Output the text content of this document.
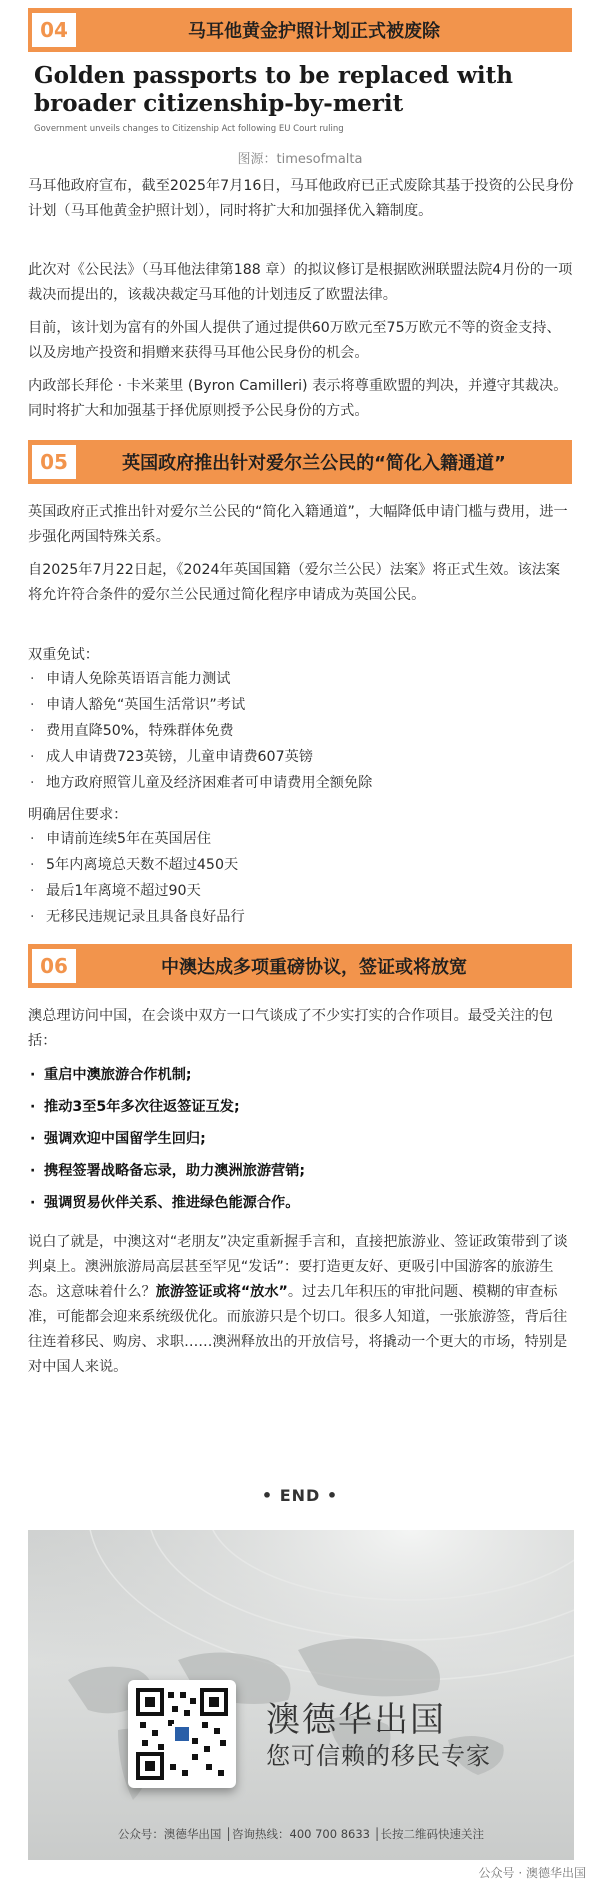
04	马耳他黄金护照计划正式被废除
Golden passports to be replaced with broader citizenship-by-merit
Government unveils changes to Citizenship Act following EU Court ruling
图源：timesofmalta

马耳他政府宣布，截至2025年7月16日，马耳他政府已正式废除其基于投资的公民身份计划（马耳他黄金护照计划），同时将扩大和加强择优入籍制度。

此次对《公民法》（马耳他法律第188 章）的拟议修订是根据欧洲联盟法院4月份的一项裁决而提出的，该裁决裁定马耳他的计划违反了欧盟法律。

目前，该计划为富有的外国人提供了通过提供60万欧元至75万欧元不等的资金支持、以及房地产投资和捐赠来获得马耳他公民身份的机会。

内政部长拜伦 · 卡米莱里 (Byron Camilleri) 表示将尊重欧盟的判决，并遵守其裁决。同时将扩大和加强基于择优原则授予公民身份的方式。

05	英国政府推出针对爱尔兰公民的“简化入籍通道”

英国政府正式推出针对爱尔兰公民的“简化入籍通道”，大幅降低申请门槛与费用，进一步强化两国特殊关系。

自2025年7月22日起，《2024年英国国籍（爱尔兰公民）法案》将正式生效。该法案将允许符合条件的爱尔兰公民通过简化程序申请成为英国公民。

双重免试：
· 申请人免除英语语言能力测试
· 申请人豁免“英国生活常识”考试
· 费用直降50%，特殊群体免费
· 成人申请费723英镑，儿童申请费607英镑
· 地方政府照管儿童及经济困难者可申请费用全额免除
明确居住要求：
· 申请前连续5年在英国居住
· 5年内离境总天数不超过450天
· 最后1年离境不超过90天
· 无移民违规记录且具备良好品行
06	中澳达成多项重磅协议，签证或将放宽

澳总理访问中国，在会谈中双方一口气谈成了不少实打实的合作项目。最受关注的包括：

· 重启中澳旅游合作机制;
· 推动3至5年多次往返签证互发;
· 强调欢迎中国留学生回归;
· 携程签署战略备忘录，助力澳洲旅游营销;
· 强调贸易伙伴关系、推进绿色能源合作。

说白了就是，中澳这对“老朋友”决定重新握手言和，直接把旅游业、签证政策带到了谈判桌上。澳洲旅游局高层甚至罕见“发话”：要打造更友好、更吸引中国游客的旅游生态。这意味着什么？旅游签证或将“放水”。过去几年积压的审批问题、模糊的审查标准，可能都会迎来系统级优化。而旅游只是个切口。很多人知道，一张旅游签，背后往往连着移民、购房、求职……澳洲释放出的开放信号，将撬动一个更大的市场，特别是对中国人来说。

• END •
澳德华出国
您可信赖的移民专家
公众号：澳德华出国 │咨询热线：400 700 8633 │长按二维码快速关注
公众号 · 澳德华出国
